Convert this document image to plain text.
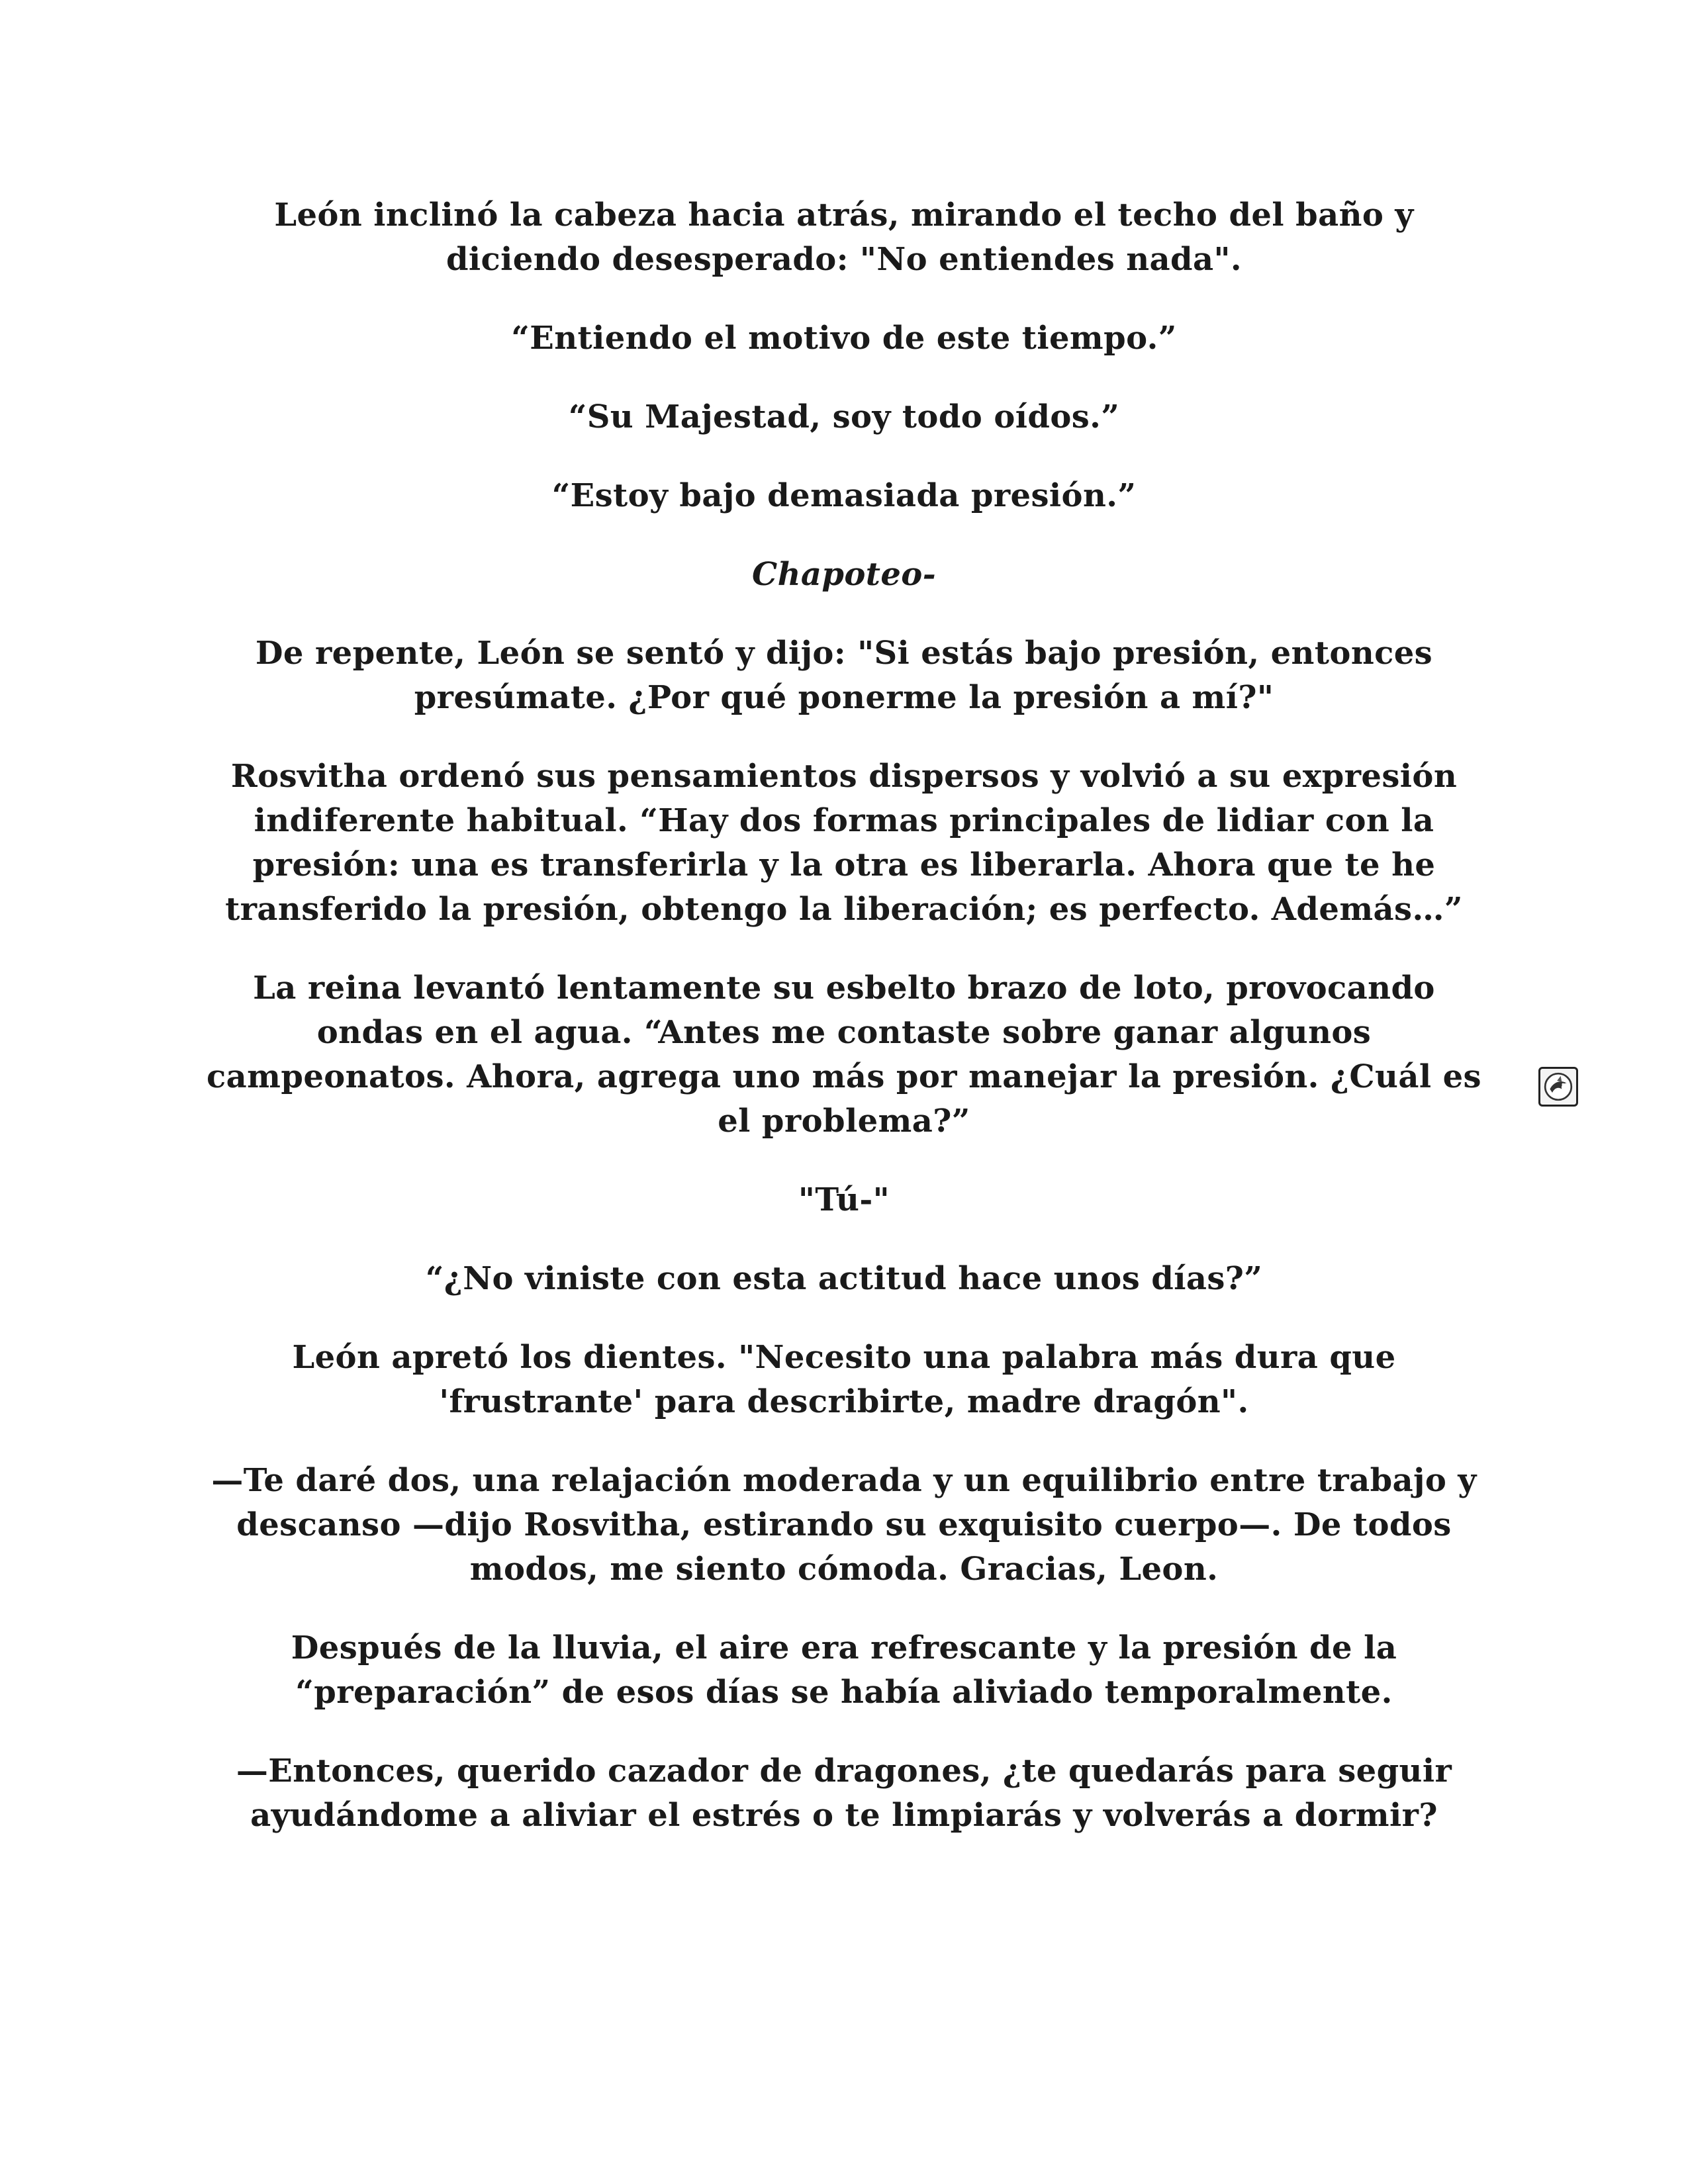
León inclinó la cabeza hacia atrás, mirando el techo del baño y diciendo desesperado: "No entiendes nada".

“Entiendo el motivo de este tiempo.”

“Su Majestad, soy todo oídos.”

“Estoy bajo demasiada presión.”

Chapoteo-

De repente, León se sentó y dijo: "Si estás bajo presión, entonces presúmate. ¿Por qué ponerme la presión a mí?"

Rosvitha ordenó sus pensamientos dispersos y volvió a su expresión indiferente habitual. “Hay dos formas principales de lidiar con la presión: una es transferirla y la otra es liberarla. Ahora que te he transferido la presión, obtengo la liberación; es perfecto. Además…”

La reina levantó lentamente su esbelto brazo de loto, provocando ondas en el agua. “Antes me contaste sobre ganar algunos campeonatos. Ahora, agrega uno más por manejar la presión. ¿Cuál es el problema?”

"Tú-"

“¿No viniste con esta actitud hace unos días?”

León apretó los dientes. "Necesito una palabra más dura que 'frustrante' para describirte, madre dragón".

—Te daré dos, una relajación moderada y un equilibrio entre trabajo y descanso —dijo Rosvitha, estirando su exquisito cuerpo—. De todos modos, me siento cómoda. Gracias, Leon.

Después de la lluvia, el aire era refrescante y la presión de la “preparación” de esos días se había aliviado temporalmente.

—Entonces, querido cazador de dragones, ¿te quedarás para seguir ayudándome a aliviar el estrés o te limpiarás y volverás a dormir?
